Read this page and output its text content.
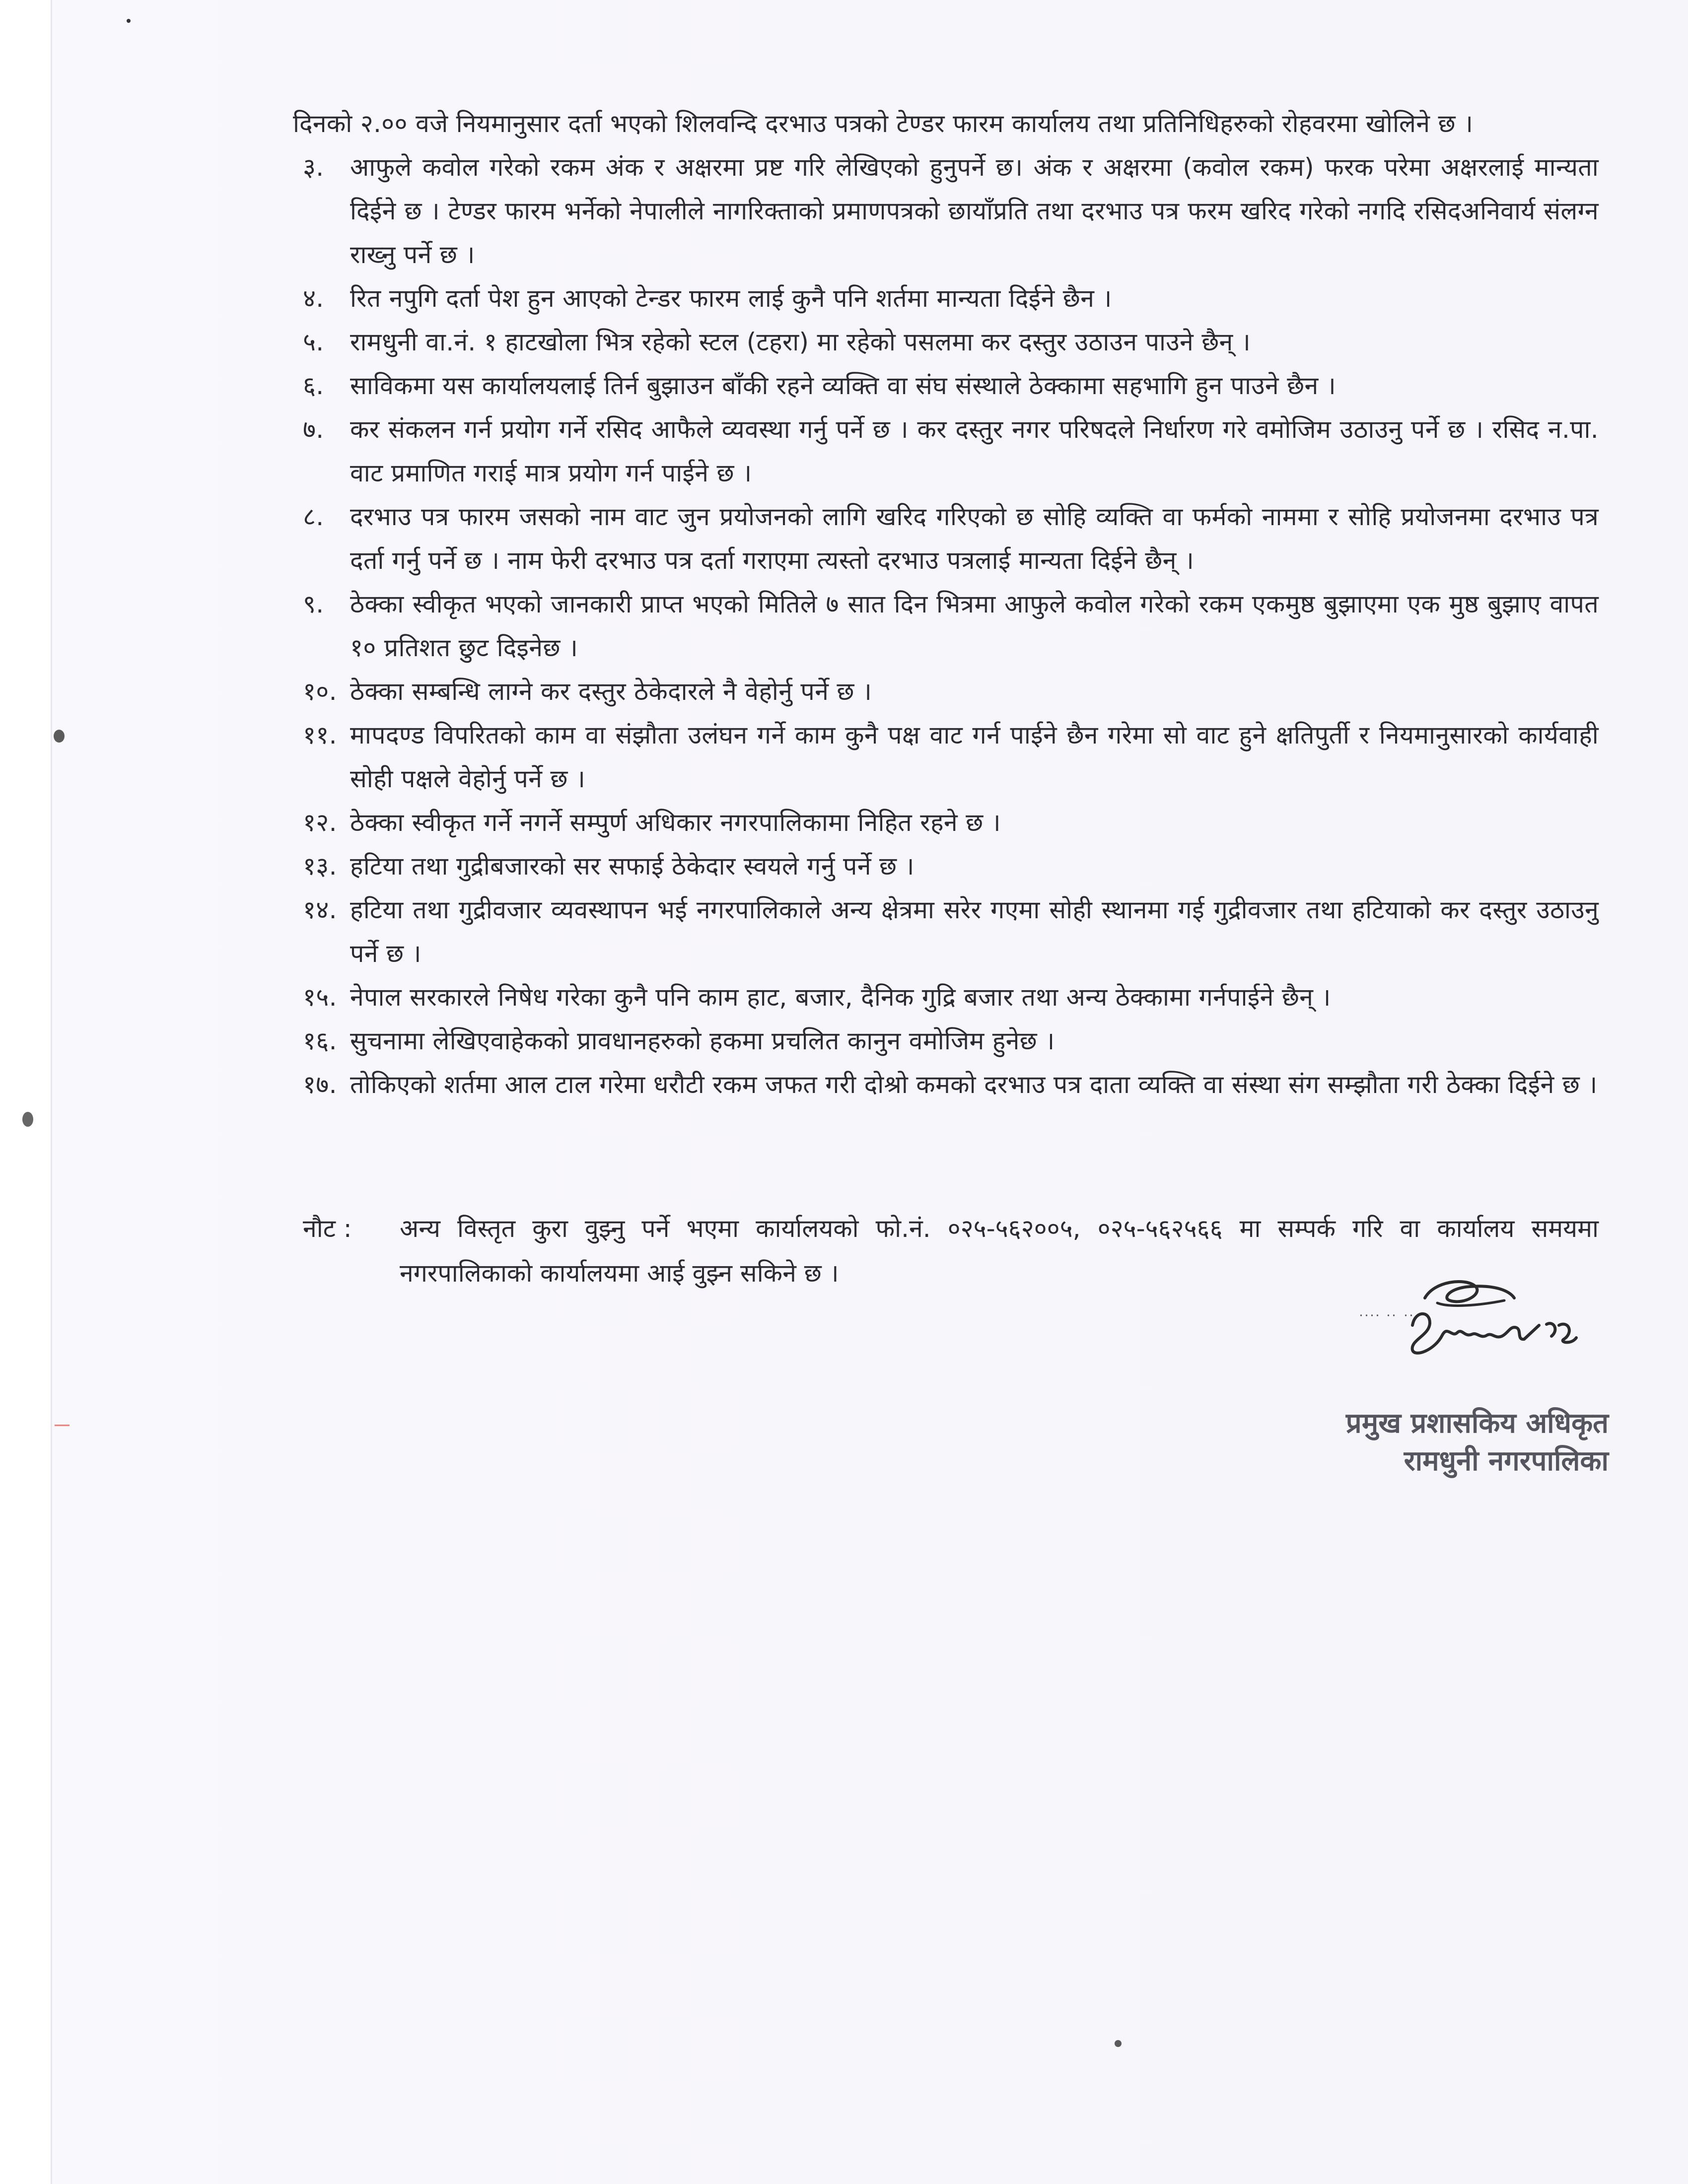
दिनको २.०० वजे नियमानुसार दर्ता भएको शिलवन्दि दरभाउ पत्रको टेण्डर फारम कार्यालय तथा प्रतिनिधिहरुको रोहवरमा खोलिने छ ।

३.	आफुले कवोल गरेको रकम अंक र अक्षरमा प्रष्ट गरि लेखिएको हुनुपर्ने छ। अंक र अक्षरमा (कवोल रकम) फरक परेमा अक्षरलाई मान्यता दिईने छ । टेण्डर फारम भर्नेको नेपालीले नागरिक्ताको प्रमाणपत्रको छायाँप्रति तथा दरभाउ पत्र फरम खरिद गरेको नगदि रसिदअनिवार्य संलग्न राख्नु पर्ने छ ।
४.	रित नपुगि दर्ता पेश हुन आएको टेन्डर फारम लाई कुनै पनि शर्तमा मान्यता दिईने छैन ।
५.	रामधुनी वा.नं. १ हाटखोला भित्र रहेको स्टल (टहरा) मा रहेको पसलमा कर दस्तुर उठाउन पाउने छैन् ।
६.	साविकमा यस कार्यालयलाई तिर्न बुझाउन बाँकी रहने व्यक्ति वा संघ संस्थाले ठेक्कामा सहभागि हुन पाउने छैन ।
७.	कर संकलन गर्न प्रयोग गर्ने रसिद आफैले व्यवस्था गर्नु पर्ने छ । कर दस्तुर नगर परिषदले निर्धारण गरे वमोजिम उठाउनु पर्ने छ । रसिद न.पा. वाट प्रमाणित गराई मात्र प्रयोग गर्न पाईने छ ।
८.	दरभाउ पत्र फारम जसको नाम वाट जुन प्रयोजनको लागि खरिद गरिएको छ सोहि व्यक्ति वा फर्मको नाममा र सोहि प्रयोजनमा दरभाउ पत्र दर्ता गर्नु पर्ने छ । नाम फेरी दरभाउ पत्र दर्ता गराएमा त्यस्तो दरभाउ पत्रलाई मान्यता दिईने छैन् ।
९.	ठेक्का स्वीकृत भएको जानकारी प्राप्त भएको मितिले ७ सात दिन भित्रमा आफुले कवोल गरेको रकम एकमुष्ठ बुझाएमा एक मुष्ठ बुझाए वापत १० प्रतिशत छुट दिइनेछ ।
१०. ठेक्का सम्बन्धि लाग्ने कर दस्तुर ठेकेदारले नै वेहोर्नु पर्ने छ ।
११. मापदण्ड विपरितको काम वा संझौता उलंघन गर्ने काम कुनै पक्ष वाट गर्न पाईने छैन गरेमा सो वाट हुने क्षतिपुर्ती र नियमानुसारको कार्यवाही सोही पक्षले वेहोर्नु पर्ने छ ।
१२. ठेक्का स्वीकृत गर्ने नगर्ने सम्पुर्ण अधिकार नगरपालिकामा निहित रहने छ ।
१३. हटिया तथा गुद्रीबजारको सर सफाई ठेकेदार स्वयले गर्नु पर्ने छ ।
१४. हटिया तथा गुद्रीवजार व्यवस्थापन भई नगरपालिकाले अन्य क्षेत्रमा सरेर गएमा सोही स्थानमा गई गुद्रीवजार तथा हटियाको कर दस्तुर उठाउनु पर्ने छ ।
१५. नेपाल सरकारले निषेध गरेका कुनै पनि काम हाट, बजार, दैनिक गुद्रि बजार तथा अन्य ठेक्कामा गर्नपाईने छैन् ।
१६. सुचनामा लेखिएवाहेकको प्रावधानहरुको हकमा प्रचलित कानुन वमोजिम हुनेछ ।
१७. तोकिएको शर्तमा आल टाल गरेमा धरौटी रकम जफत गरी दोश्रो कमको दरभाउ पत्र दाता व्यक्ति वा संस्था संग सम्झौता गरी ठेक्का दिईने छ ।
नौट :	अन्य विस्तृत कुरा वुझ्नु पर्ने भएमा कार्यालयको फो.नं. ०२५-५६२००५, ०२५-५६२५६६ मा सम्पर्क गरि वा कार्यालय समयमा नगरपालिकाको कार्यालयमा आई वुझ्न सकिने छ ।
प्रमुख प्रशासकिय अधिकृत
रामधुनी नगरपालिका
